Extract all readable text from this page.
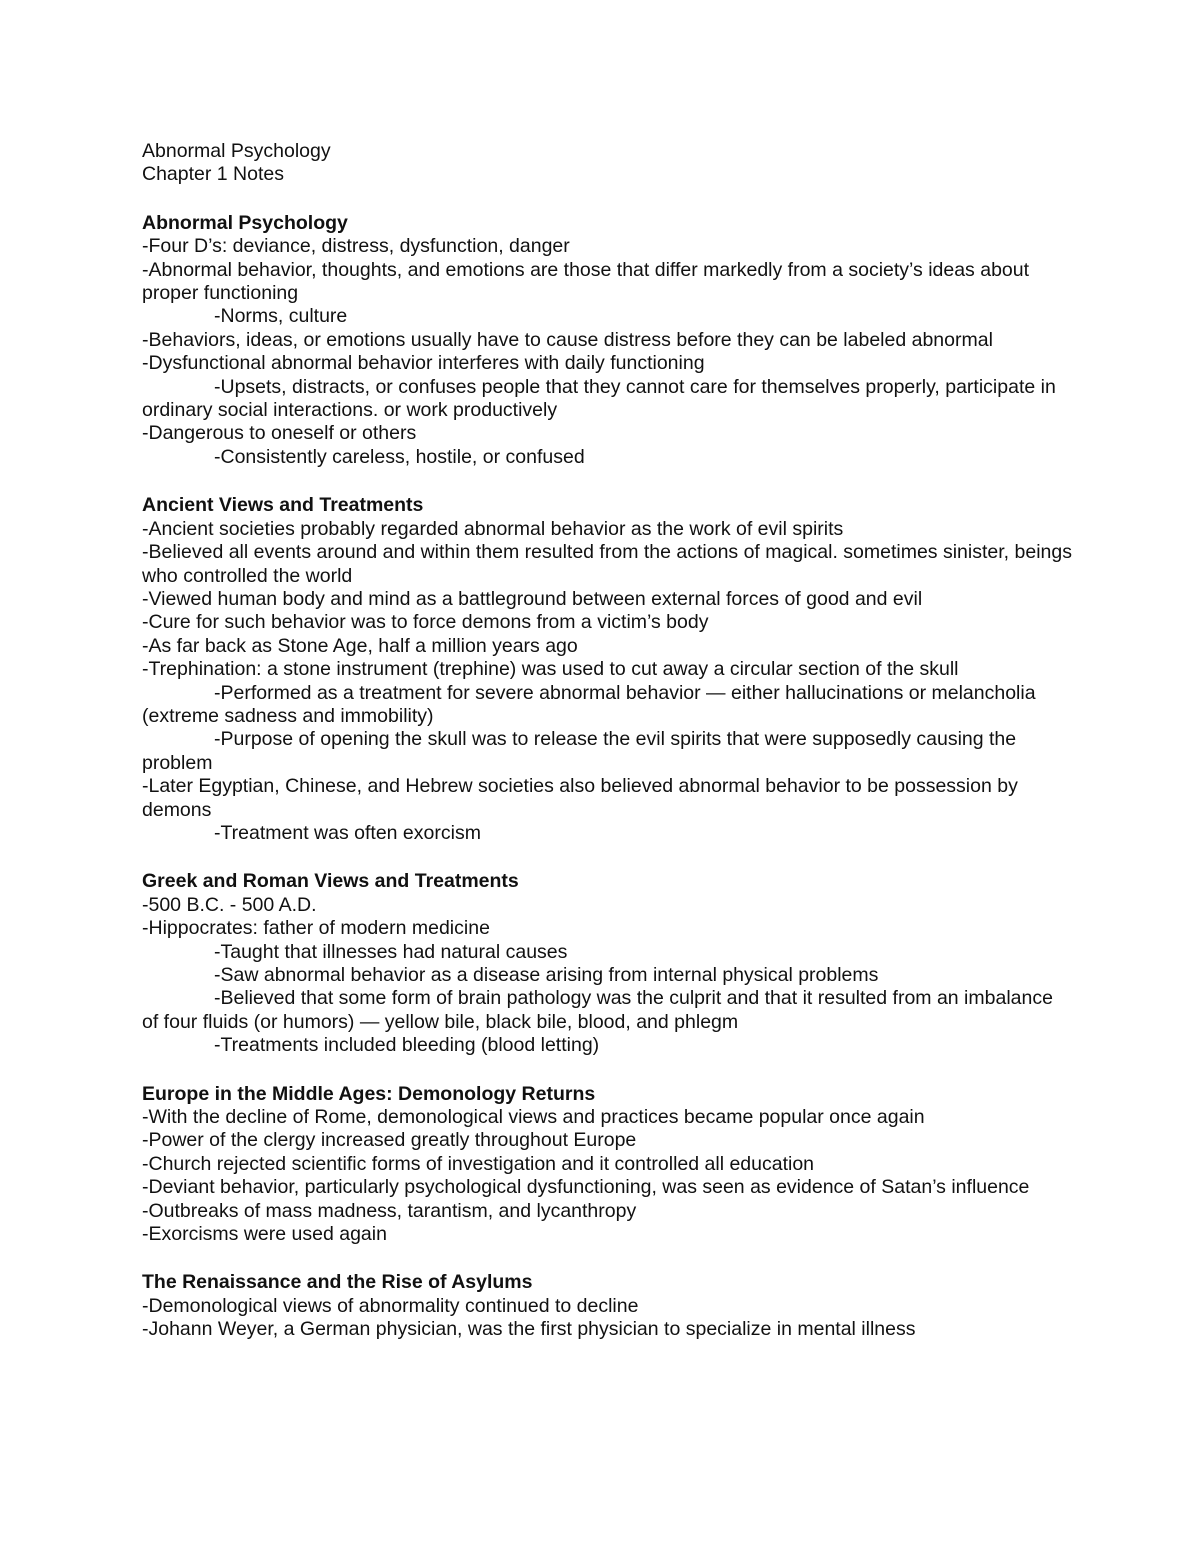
Abnormal Psychology

Chapter 1 Notes

Abnormal Psychology

-Four D’s: deviance, distress, dysfunction, danger

-Abnormal behavior, thoughts, and emotions are those that differ markedly from a society’s ideas about proper functioning

-Norms, culture

-Behaviors, ideas, or emotions usually have to cause distress before they can be labeled abnormal

-Dysfunctional abnormal behavior interferes with daily functioning

-Upsets, distracts, or confuses people that they cannot care for themselves properly, participate in ordinary social interactions. or work productively

-Dangerous to oneself or others

-Consistently careless, hostile, or confused

Ancient Views and Treatments

-Ancient societies probably regarded abnormal behavior as the work of evil spirits

-Believed all events around and within them resulted from the actions of magical. sometimes sinister, beings who controlled the world

-Viewed human body and mind as a battleground between external forces of good and evil

-Cure for such behavior was to force demons from a victim’s body

-As far back as Stone Age, half a million years ago

-Trephination: a stone instrument (trephine) was used to cut away a circular section of the skull

-Performed as a treatment for severe abnormal behavior — either hallucinations or melancholia (extreme sadness and immobility)

-Purpose of opening the skull was to release the evil spirits that were supposedly causing the problem

-Later Egyptian, Chinese, and Hebrew societies also believed abnormal behavior to be possession by demons

-Treatment was often exorcism

Greek and Roman Views and Treatments

-500 B.C. - 500 A.D.

-Hippocrates: father of modern medicine

-Taught that illnesses had natural causes

-Saw abnormal behavior as a disease arising from internal physical problems

-Believed that some form of brain pathology was the culprit and that it resulted from an imbalance of four fluids (or humors) — yellow bile, black bile, blood, and phlegm

-Treatments included bleeding (blood letting)

Europe in the Middle Ages: Demonology Returns

-With the decline of Rome, demonological views and practices became popular once again

-Power of the clergy increased greatly throughout Europe

-Church rejected scientific forms of investigation and it controlled all education

-Deviant behavior, particularly psychological dysfunctioning, was seen as evidence of Satan’s influence

-Outbreaks of mass madness, tarantism, and lycanthropy

-Exorcisms were used again

The Renaissance and the Rise of Asylums

-Demonological views of abnormality continued to decline

-Johann Weyer, a German physician, was the first physician to specialize in mental illness
